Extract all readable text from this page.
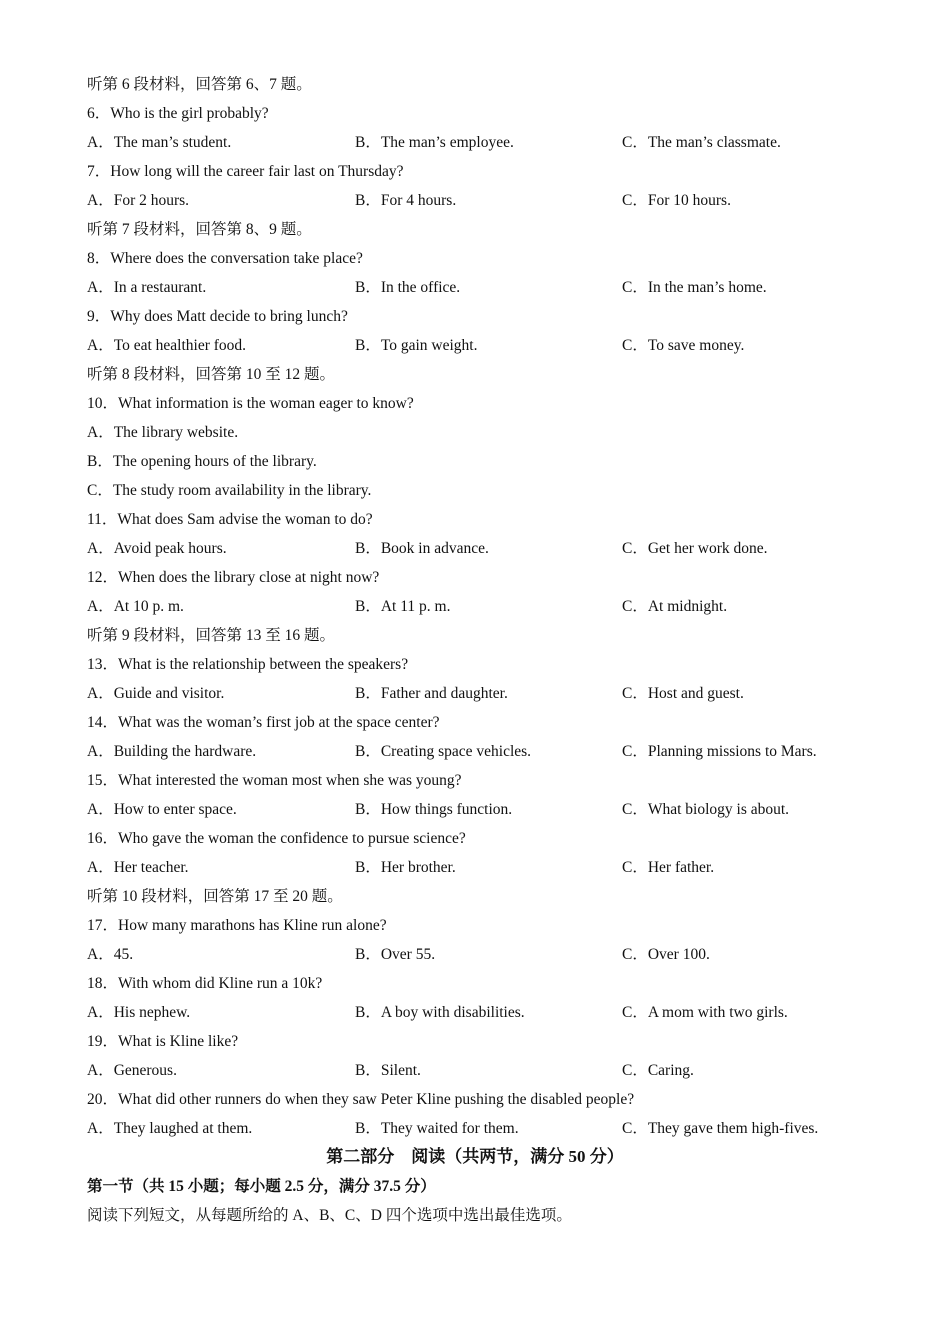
听第 6 段材料，回答第 6、7 题。
6．Who is the girl probably?
A．The man’s student.	B．The man’s employee.	C．The man’s classmate.
7．How long will the career fair last on Thursday?
A．For 2 hours.	B．For 4 hours.	C．For 10 hours.
听第 7 段材料，回答第 8、9 题。
8．Where does the conversation take place?
A．In a restaurant.	B．In the office.	C．In the man’s home.
9．Why does Matt decide to bring lunch?
A．To eat healthier food.	B．To gain weight.	C．To save money.
听第 8 段材料，回答第 10 至 12 题。
10．What information is the woman eager to know?
A．The library website.
B．The opening hours of the library.
C．The study room availability in the library.
11．What does Sam advise the woman to do?
A．Avoid peak hours.	B．Book in advance.	C．Get her work done.
12．When does the library close at night now?
A．At 10 p. m.	B．At 11 p. m.	C．At midnight.
听第 9 段材料，回答第 13 至 16 题。
13．What is the relationship between the speakers?
A．Guide and visitor.	B．Father and daughter.	C．Host and guest.
14．What was the woman’s first job at the space center?
A．Building the hardware.	B．Creating space vehicles.	C．Planning missions to Mars.
15．What interested the woman most when she was young?
A．How to enter space.	B．How things function.	C．What biology is about.
16．Who gave the woman the confidence to pursue science?
A．Her teacher.	B．Her brother.	C．Her father.
听第 10 段材料，回答第 17 至 20 题。
17．How many marathons has Kline run alone?
A．45.	B．Over 55.	C．Over 100.
18．With whom did Kline run a 10k?
A．His nephew.	B．A boy with disabilities.	C．A mom with two girls.
19．What is Kline like?
A．Generous.	B．Silent.	C．Caring.
20．What did other runners do when they saw Peter Kline pushing the disabled people?
A．They laughed at them.	B．They waited for them.	C．They gave them high-fives.
第二部分　阅读（共两节，满分 50 分）
第一节（共 15 小题；每小题 2.5 分，满分 37.5 分）
阅读下列短文，从每题所给的 A、B、C、D 四个选项中选出最佳选项。
